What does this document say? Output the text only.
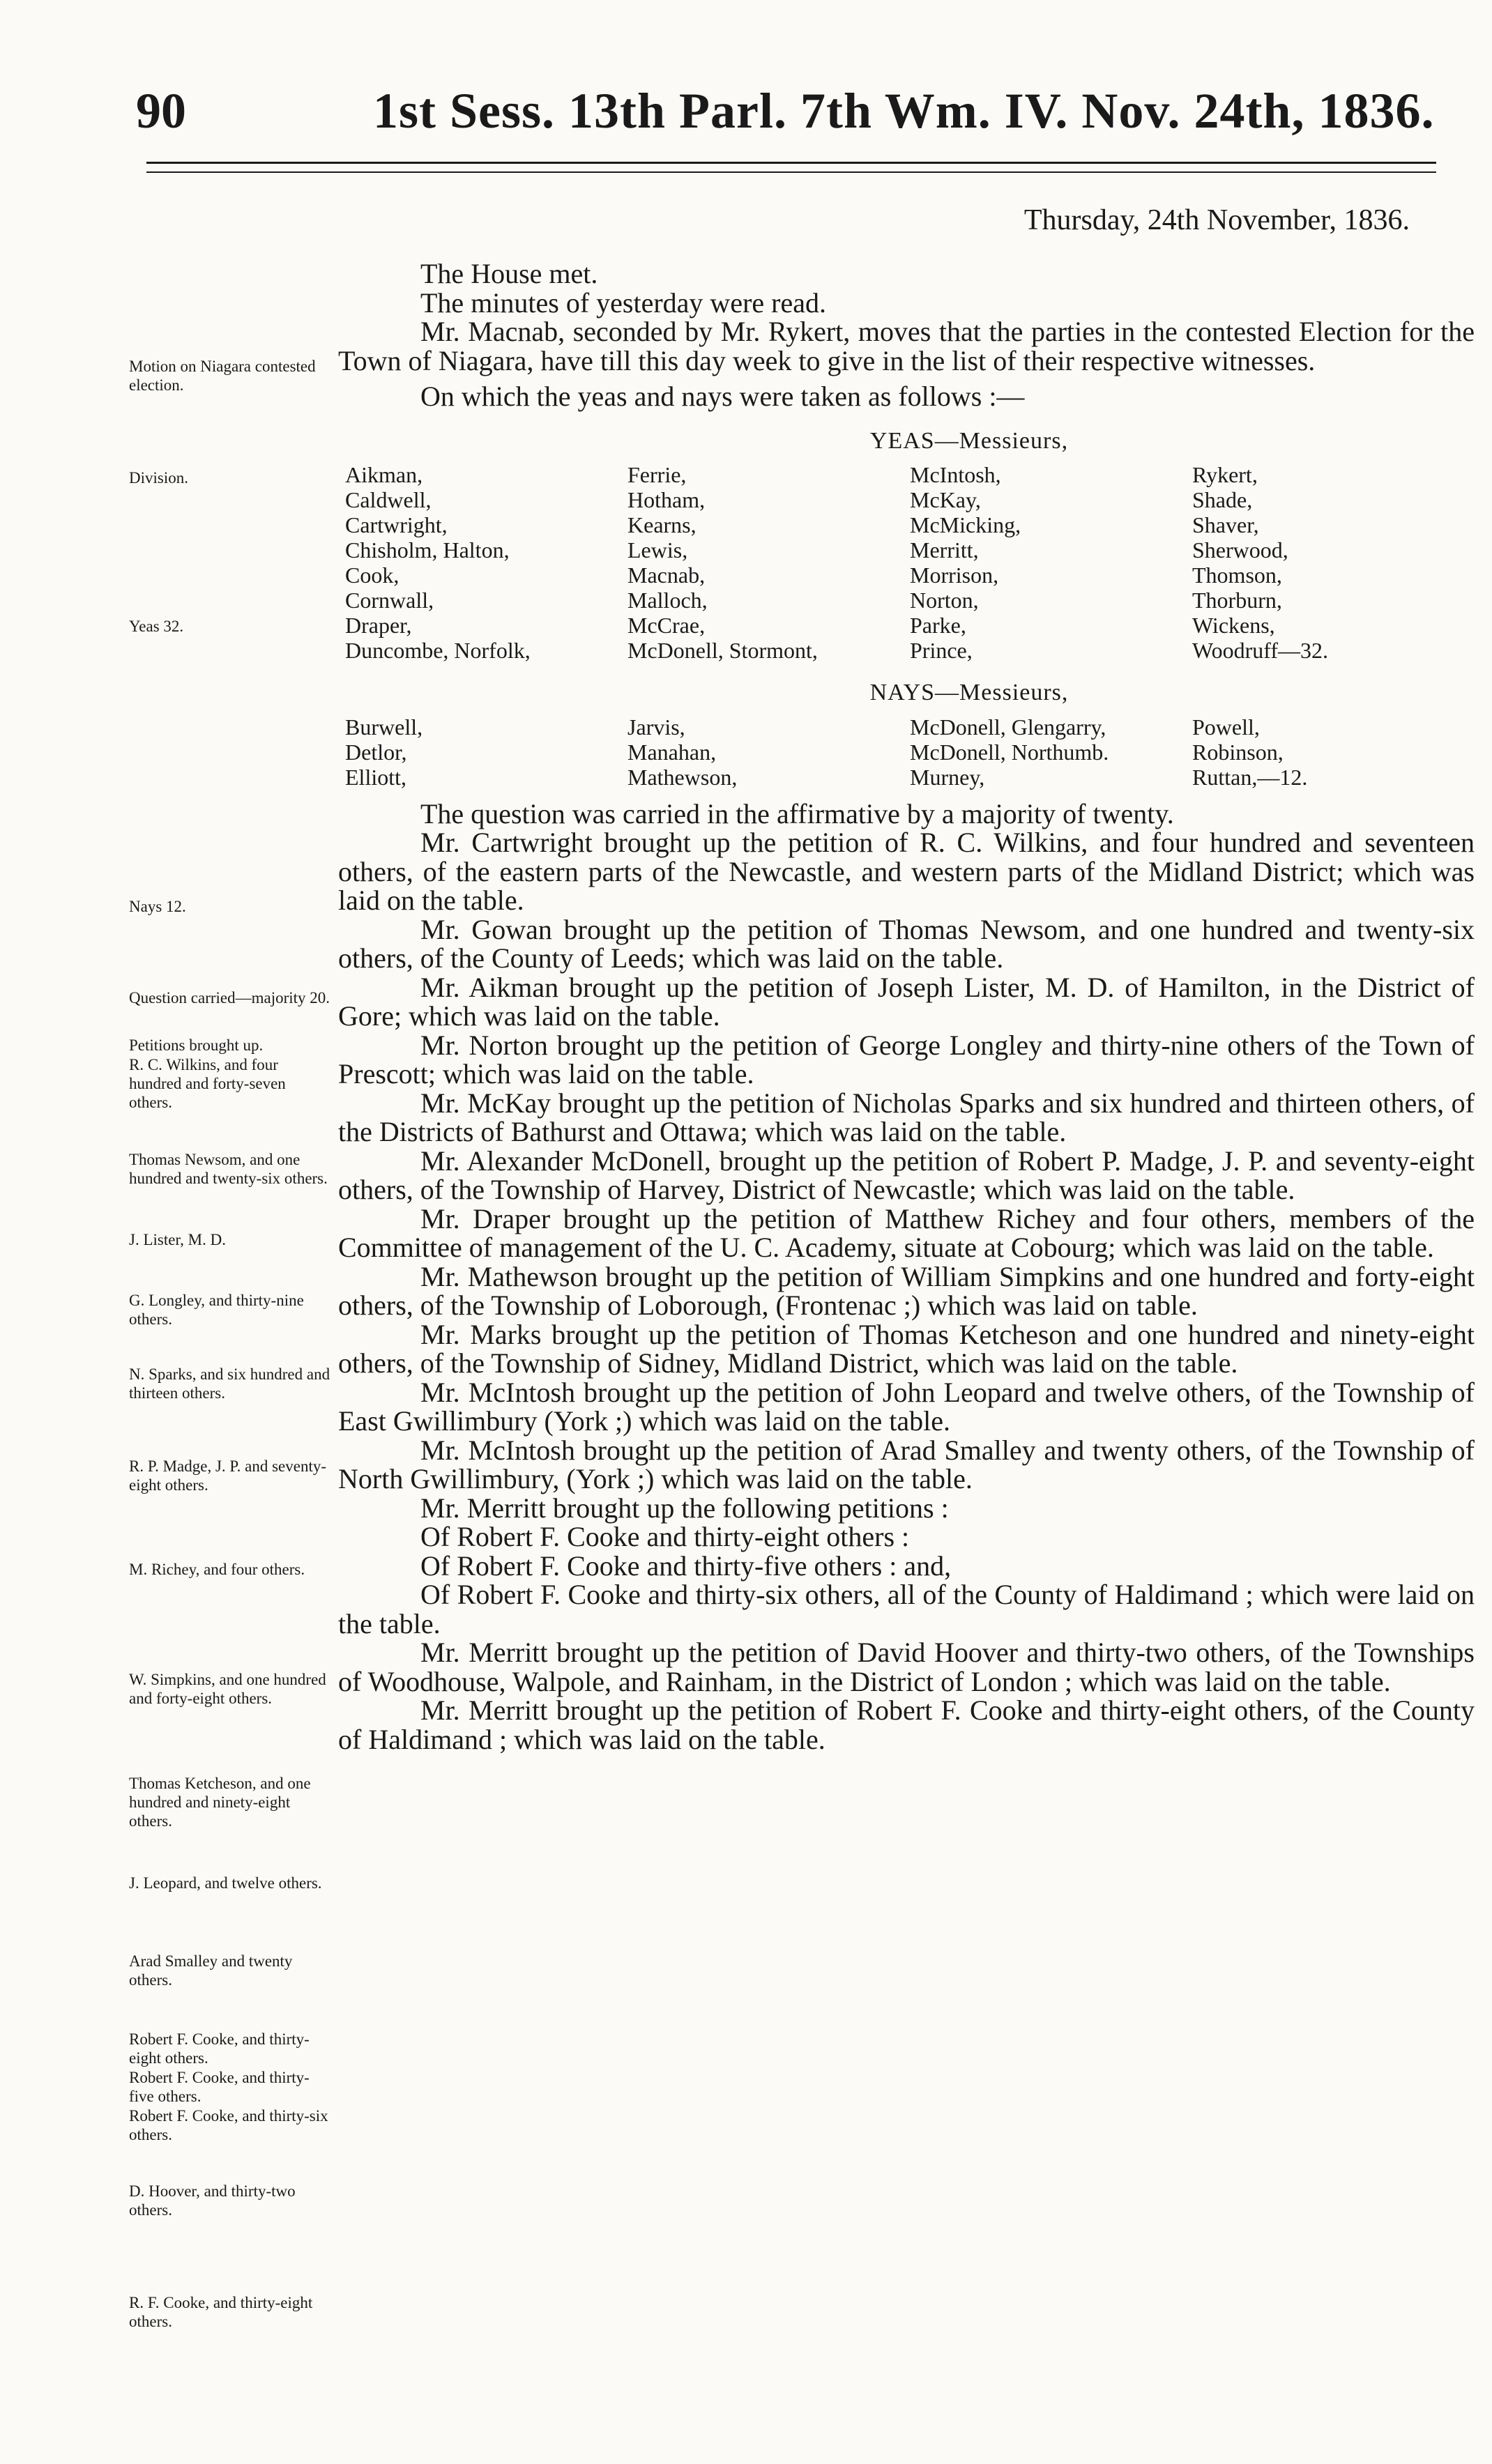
90	1st Sess. 13th Parl. 7th Wm. IV. Nov. 24th, 1836.
Thursday, 24th November, 1836.
Motion on Niagara contested election.
Division.
Yeas 32.
Nays 12.
Question carried—majority 20.
Petitions brought up.
R. C. Wilkins, and four hundred and forty-seven others.
Thomas Newsom, and one hundred and twenty-six others.
J. Lister, M. D.
G. Longley, and thirty-nine others.
N. Sparks, and six hundred and thirteen others.
R. P. Madge, J. P. and seventy-eight others.
M. Richey, and four others.
W. Simpkins, and one hundred and forty-eight others.
Thomas Ketcheson, and one hundred and ninety-eight others.
J. Leopard, and twelve others.
Arad Smalley and twenty others.
Robert F. Cooke, and thirty-eight others.
Robert F. Cooke, and thirty-five others.
Robert F. Cooke, and thirty-six others.
D. Hoover, and thirty-two others.
R. F. Cooke, and thirty-eight others.

The House met.

The minutes of yesterday were read.

Mr. Macnab, seconded by Mr. Rykert, moves that the parties in the contested Election for the Town of Niagara, have till this day week to give in the list of their respective witnesses.

On which the yeas and nays were taken as follows :—

YEAS—Messieurs,

Aikman,
Caldwell,
Cartwright,
Chisholm, Halton,
Cook,
Cornwall,
Draper,
Duncombe, Norfolk,
Ferrie,
Hotham,
Kearns,
Lewis,
Macnab,
Malloch,
McCrae,
McDonell, Stormont,
McIntosh,
McKay,
McMicking,
Merritt,
Morrison,
Norton,
Parke,
Prince,
Rykert,
Shade,
Shaver,
Sherwood,
Thomson,
Thorburn,
Wickens,
Woodruff—32.

NAYS—Messieurs,

Burwell,
Detlor,
Elliott,
Jarvis,
Manahan,
Mathewson,
McDonell, Glengarry,
McDonell, Northumb.
Murney,
Powell,
Robinson,
Ruttan,—12.

The question was carried in the affirmative by a majority of twenty.

Mr. Cartwright brought up the petition of R. C. Wilkins, and four hundred and seventeen others, of the eastern parts of the Newcastle, and western parts of the Midland District; which was laid on the table.

Mr. Gowan brought up the petition of Thomas Newsom, and one hundred and twenty-six others, of the County of Leeds; which was laid on the table.

Mr. Aikman brought up the petition of Joseph Lister, M. D. of Hamilton, in the District of Gore; which was laid on the table.

Mr. Norton brought up the petition of George Longley and thirty-nine others of the Town of Prescott; which was laid on the table.

Mr. McKay brought up the petition of Nicholas Sparks and six hundred and thirteen others, of the Districts of Bathurst and Ottawa; which was laid on the table.

Mr. Alexander McDonell, brought up the petition of Robert P. Madge, J. P. and seventy-eight others, of the Township of Harvey, District of Newcastle; which was laid on the table.

Mr. Draper brought up the petition of Matthew Richey and four others, members of the Committee of management of the U. C. Academy, situate at Cobourg; which was laid on the table.

Mr. Mathewson brought up the petition of William Simpkins and one hundred and forty-eight others, of the Township of Loborough, (Frontenac ;) which was laid on table.

Mr. Marks brought up the petition of Thomas Ketcheson and one hundred and ninety-eight others, of the Township of Sidney, Midland District, which was laid on the table.

Mr. McIntosh brought up the petition of John Leopard and twelve others, of the Township of East Gwillimbury (York ;) which was laid on the table.

Mr. McIntosh brought up the petition of Arad Smalley and twenty others, of the Township of North Gwillimbury, (York ;) which was laid on the table.

Mr. Merritt brought up the following petitions :

Of Robert F. Cooke and thirty-eight others :

Of Robert F. Cooke and thirty-five others : and,

Of Robert F. Cooke and thirty-six others, all of the County of Haldimand ; which were laid on the table.

Mr. Merritt brought up the petition of David Hoover and thirty-two others, of the Townships of Woodhouse, Walpole, and Rainham, in the District of London ; which was laid on the table.

Mr. Merritt brought up the petition of Robert F. Cooke and thirty-eight others, of the County of Haldimand ; which was laid on the table.
